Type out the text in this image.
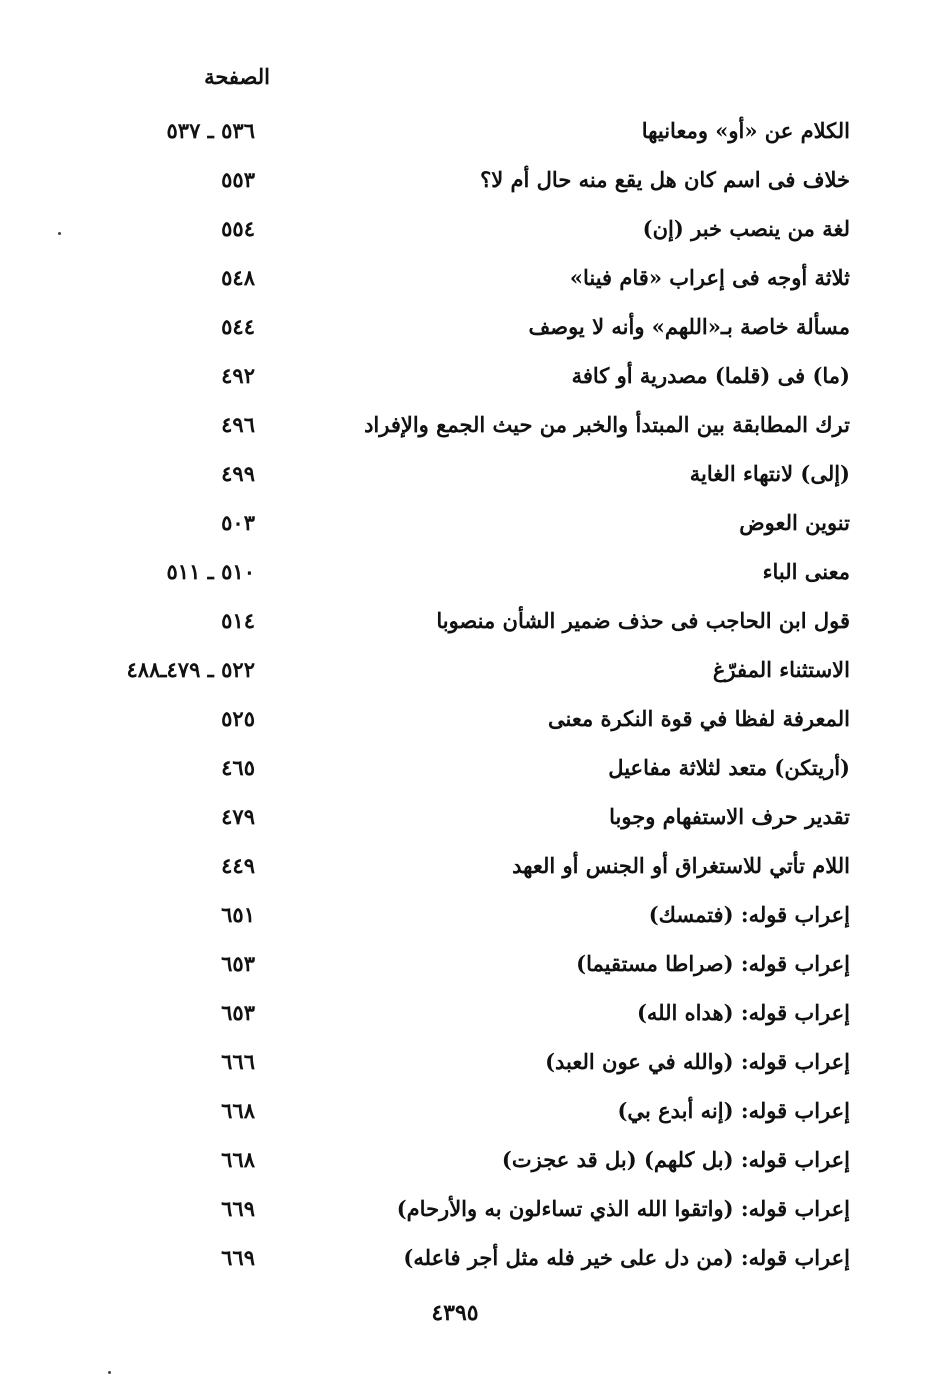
الصفحة
الكلام عن «أو» ومعانيها
٥٣٦ ـ ٥٣٧
خلاف فى اسم كان هل يقع منه حال أم لا؟
٥٥٣
لغة من ينصب خبر (إن)
٥٥٤
ثلاثة أوجه فى إعراب «قام فينا»
٥٤٨
مسألة خاصة بـ«اللهم» وأنه لا يوصف
٥٤٤
(ما) فى (قلما) مصدرية أو كافة
٤٩٢
ترك المطابقة بين المبتدأ والخبر من حيث الجمع والإفراد
٤٩٦
(إلى) لانتهاء الغاية
٤٩٩
تنوين العوض
٥٠٣
معنى الباء
٥١٠ ـ ٥١١
قول ابن الحاجب فى حذف ضمير الشأن منصوبا
٥١٤
الاستثناء المفرّغ
٥٢٢ ـ ٤٧٩ـ٤٨٨
المعرفة لفظا في قوة النكرة معنى
٥٢٥
(أريتكن) متعد لثلاثة مفاعيل
٤٦٥
تقدير حرف الاستفهام وجوبا
٤٧٩
اللام تأتي للاستغراق أو الجنس أو العهد
٤٤٩
إعراب قوله: (فتمسك)
٦٥١
إعراب قوله: (صراطا مستقيما)
٦٥٣
إعراب قوله: (هداه الله)
٦٥٣
إعراب قوله: (والله في عون العبد)
٦٦٦
إعراب قوله: (إنه أبدع بي)
٦٦٨
إعراب قوله: (بل كلهم) (بل قد عجزت)
٦٦٨
إعراب قوله: (واتقوا الله الذي تساءلون به والأرحام)
٦٦٩
إعراب قوله: (من دل على خير فله مثل أجر فاعله)
٦٦٩
٤٣٩٥
